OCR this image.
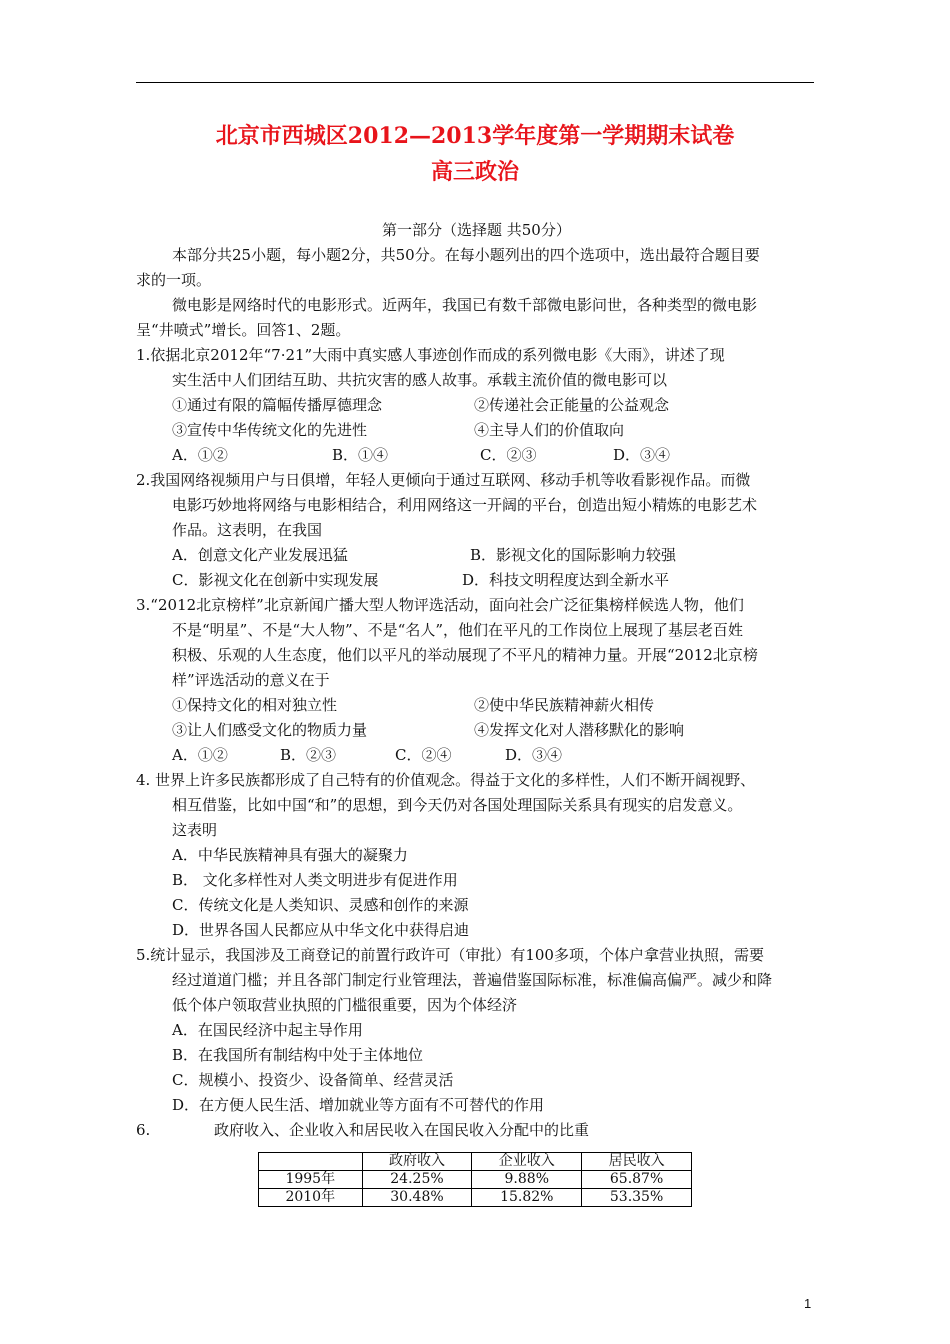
北京市西城区2012—2013学年度第一学期期末试卷
高三政治
第一部分（选择题 共50分）
本部分共25小题，每小题2分，共50分。在每小题列出的四个选项中，选出最符合题目要
求的一项。
微电影是网络时代的电影形式。近两年，我国已有数千部微电影问世，各种类型的微电影
呈“井喷式”增长。回答1、2题。
1.依据北京2012年“7·21”大雨中真实感人事迹创作而成的系列微电影《大雨》，讲述了现
实生活中人们团结互助、共抗灾害的感人故事。承载主流价值的微电影可以
①通过有限的篇幅传播厚德理念	②传递社会正能量的公益观念
③宣传中华传统文化的先进性	④主导人们的价值取向
A．①②	B．①④	C．②③	D．③④
2.我国网络视频用户与日俱增，年轻人更倾向于通过互联网、移动手机等收看影视作品。而微
电影巧妙地将网络与电影相结合，利用网络这一开阔的平台，创造出短小精炼的电影艺术
作品。这表明，在我国
A．创意文化产业发展迅猛	B．影视文化的国际影响力较强
C．影视文化在创新中实现发展	D．科技文明程度达到全新水平
3.“2012北京榜样”北京新闻广播大型人物评选活动，面向社会广泛征集榜样候选人物，他们
不是“明星”、不是“大人物”、不是“名人”，他们在平凡的工作岗位上展现了基层老百姓
积极、乐观的人生态度，他们以平凡的举动展现了不平凡的精神力量。开展“2012北京榜
样”评选活动的意义在于
①保持文化的相对独立性	②使中华民族精神薪火相传
③让人们感受文化的物质力量	④发挥文化对人潜移默化的影响
A．①②	B．②③	C．②④	D．③④
4. 世界上许多民族都形成了自己特有的价值观念。得益于文化的多样性，人们不断开阔视野、
相互借鉴，比如中国“和”的思想，到今天仍对各国处理国际关系具有现实的启发意义。
这表明
A．中华民族精神具有强大的凝聚力
B． 文化多样性对人类文明进步有促进作用
C．传统文化是人类知识、灵感和创作的来源
D．世界各国人民都应从中华文化中获得启迪
5.统计显示，我国涉及工商登记的前置行政许可（审批）有100多项，个体户拿营业执照，需要
经过道道门槛；并且各部门制定行业管理法，普遍借鉴国际标准，标准偏高偏严。减少和降
低个体户领取营业执照的门槛很重要，因为个体经济
A．在国民经济中起主导作用
B．在我国所有制结构中处于主体地位
C．规模小、投资少、设备简单、经营灵活
D．在方便人民生活、增加就业等方面有不可替代的作用
6.	政府收入、企业收入和居民收入在国民收入分配中的比重
	政府收入	企业收入	居民收入
1995年	24.25%	9.88%	65.87%
2010年	30.48%	15.82%	53.35%
1
